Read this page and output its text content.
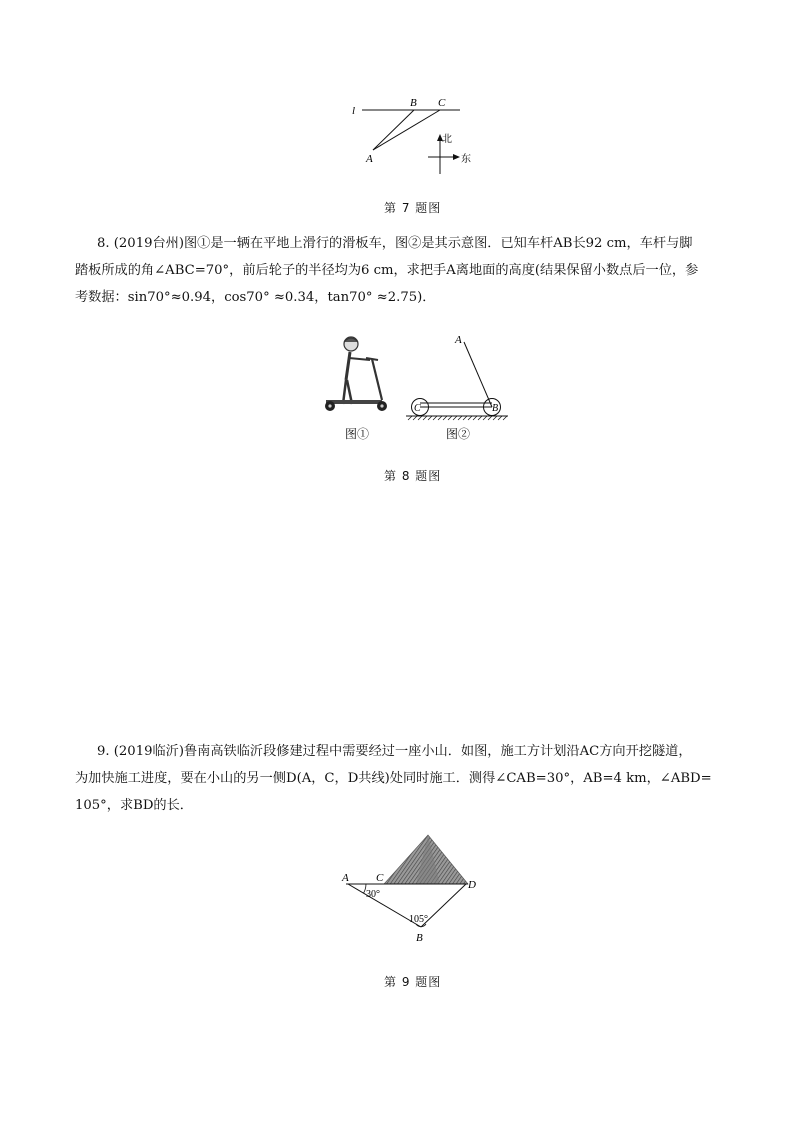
l
B C
A
北
东
第 7 题图

8. (2019台州)图①是一辆在平地上滑行的滑板车，图②是其示意图．已知车杆AB长92 cm，车杆与脚

踏板所成的角∠ABC=70°，前后轮子的半径均为6 cm，求把手A离地面的高度(结果保留小数点后一位，参

考数据：sin70°≈0.94，cos70° ≈0.34，tan70° ≈2.75)．

图①
A
C	B
图②
第 8 题图

9. (2019临沂)鲁南高铁临沂段修建过程中需要经过一座小山．如图，施工方计划沿AC方向开挖隧道，

为加快施工进度，要在小山的另一侧D(A，C，D共线)处同时施工．测得∠CAB=30°，AB=4 km，∠ABD=

105°，求BD的长．

A C
D
B
30°
105°
第 9 题图
